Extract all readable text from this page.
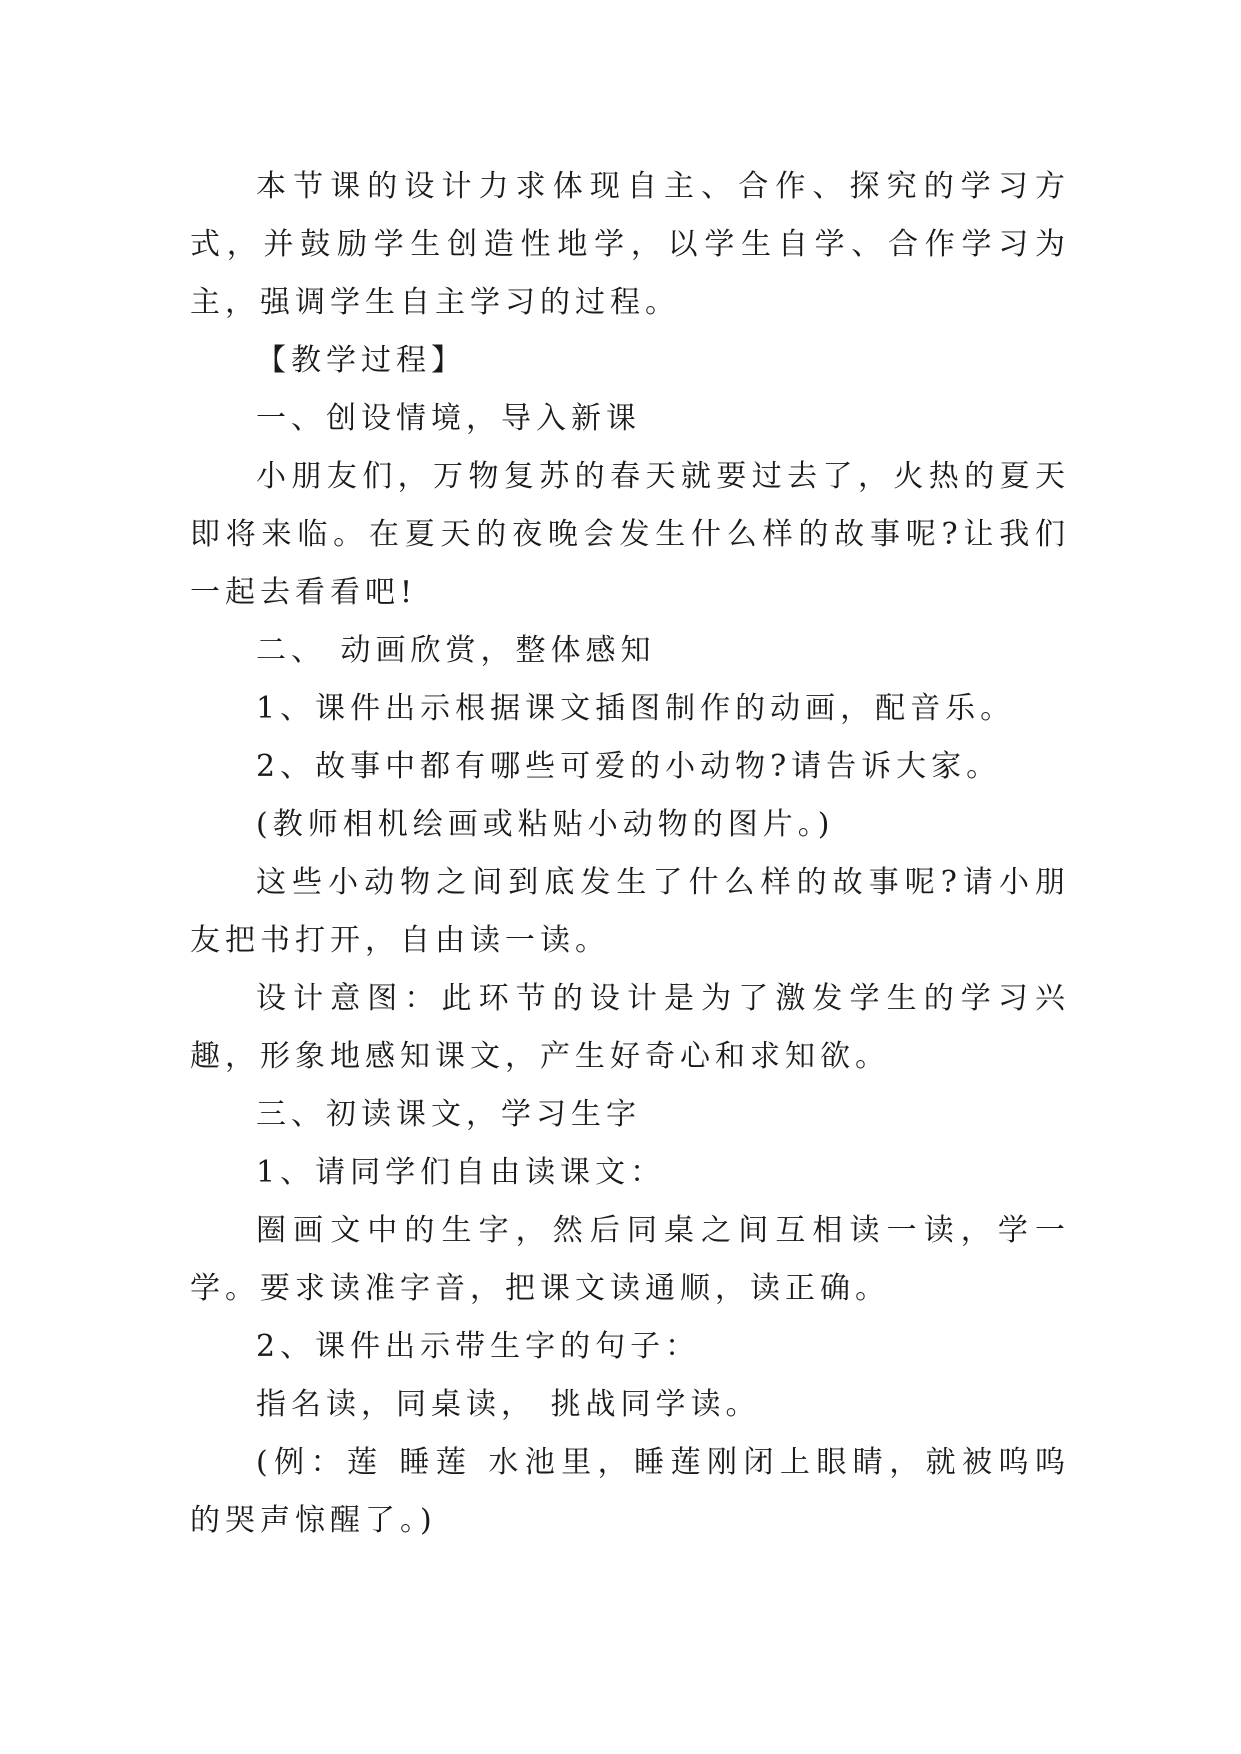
本节课的设计力求体现自主、合作、探究的学习方式，并鼓励学生创造性地学，以学生自学、合作学习为主，强调学生自主学习的过程。

【教学过程】

一、创设情境，导入新课

小朋友们，万物复苏的春天就要过去了，火热的夏天即将来临。在夏天的夜晚会发生什么样的故事呢?让我们一起去看看吧!

二、 动画欣赏，整体感知

1、课件出示根据课文插图制作的动画，配音乐。

2、故事中都有哪些可爱的小动物?请告诉大家。

(教师相机绘画或粘贴小动物的图片。)

这些小动物之间到底发生了什么样的故事呢?请小朋友把书打开，自由读一读。

设计意图：此环节的设计是为了激发学生的学习兴趣，形象地感知课文，产生好奇心和求知欲。

三、初读课文，学习生字

1、请同学们自由读课文：

圈画文中的生字，然后同桌之间互相读一读，学一学。要求读准字音，把课文读通顺，读正确。

2、课件出示带生字的句子：

指名读，同桌读， 挑战同学读。

(例：莲 睡莲 水池里，睡莲刚闭上眼睛，就被呜呜的哭声惊醒了。)
